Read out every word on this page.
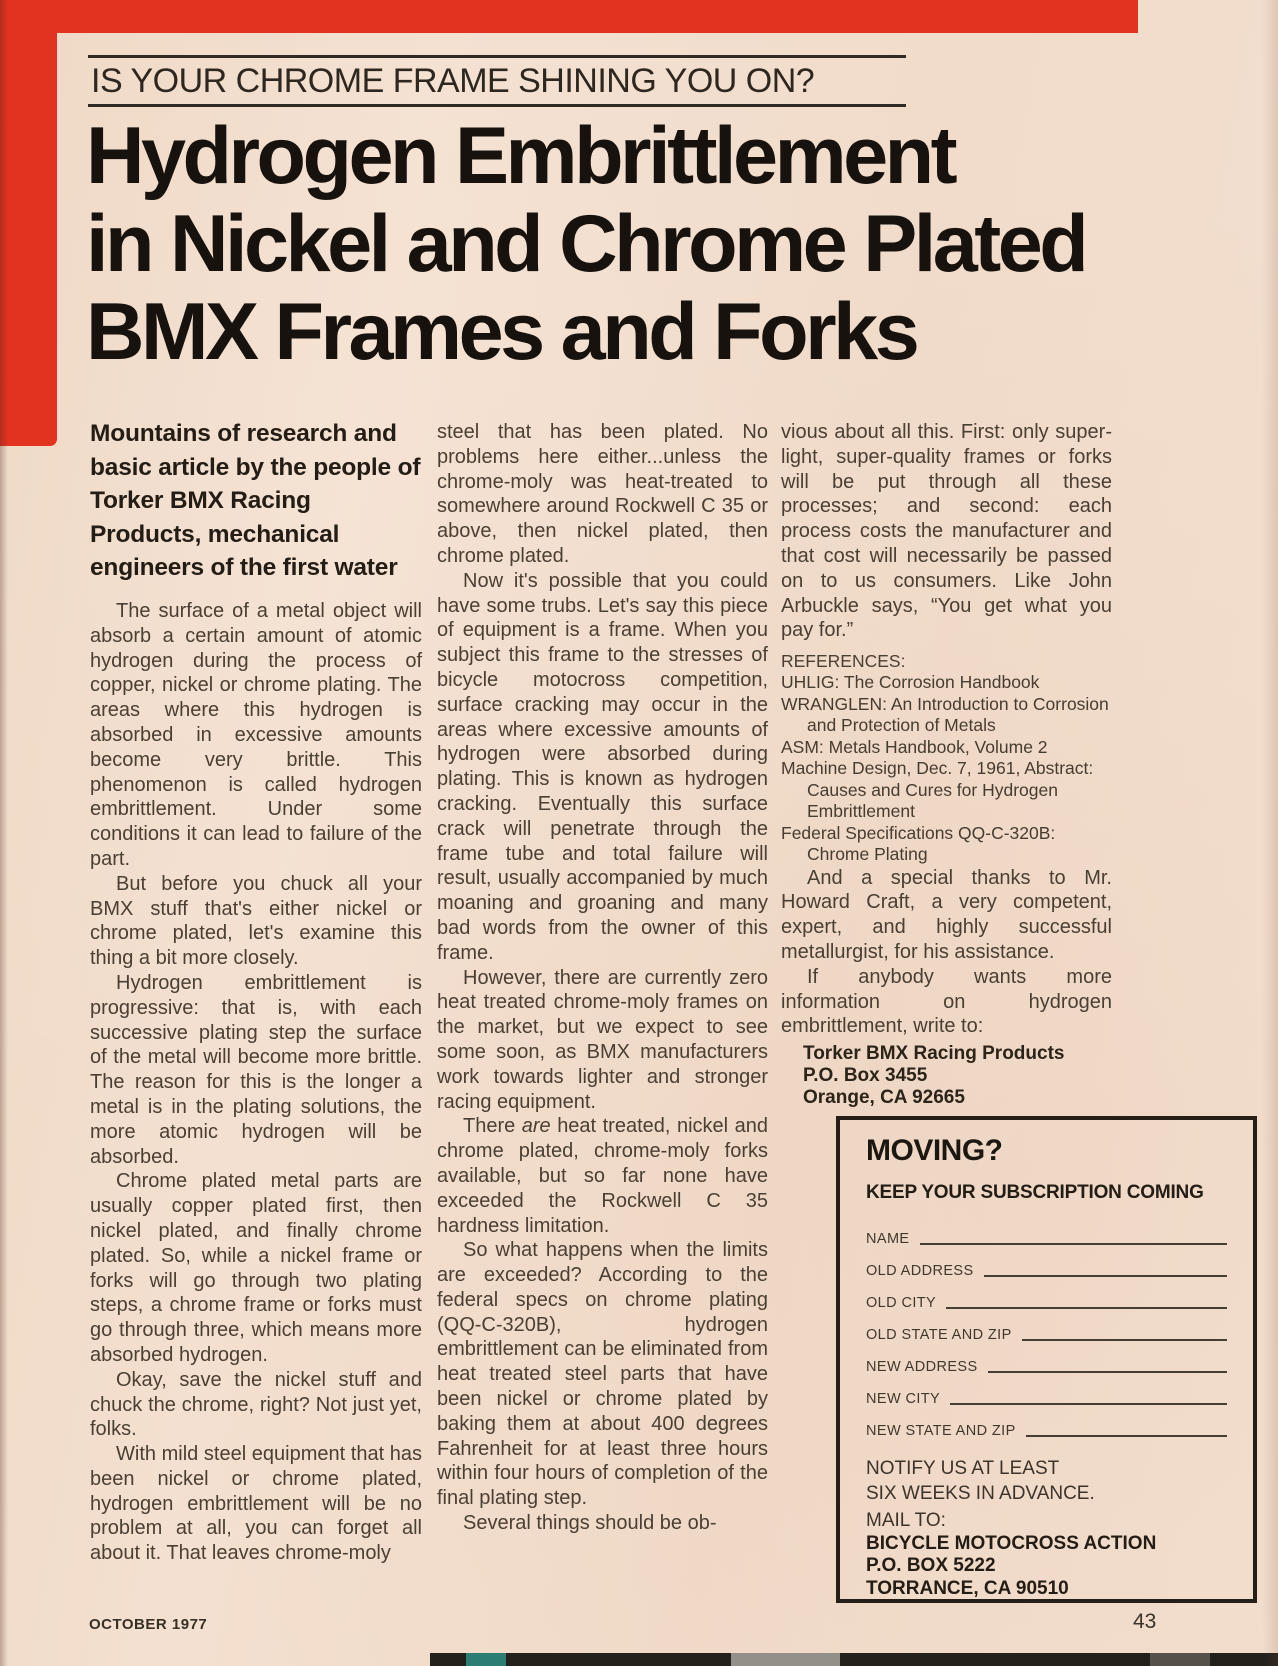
IS YOUR CHROME FRAME SHINING YOU ON?
Hydrogen Embrittlement
in Nickel and Chrome Plated
BMX Frames and Forks
Mountains of research and basic article by the people of Torker BMX Racing Products, mechanical engineers of the first water

The surface of a metal object will absorb a certain amount of atomic hydrogen during the process of copper, nickel or chrome plating. The areas where this hydrogen is absorbed in excessive amounts become very brittle. This phenomenon is called hydrogen embrittlement. Under some conditions it can lead to failure of the part.

But before you chuck all your BMX stuff that's either nickel or chrome plated, let's examine this thing a bit more closely.

Hydrogen embrittlement is progressive: that is, with each successive plating step the surface of the metal will become more brittle. The reason for this is the longer a metal is in the plating solutions, the more atomic hydrogen will be absorbed.

Chrome plated metal parts are usually copper plated first, then nickel plated, and finally chrome plated. So, while a nickel frame or forks will go through two plating steps, a chrome frame or forks must go through three, which means more absorbed hydrogen.

Okay, save the nickel stuff and chuck the chrome, right? Not just yet, folks.

With mild steel equipment that has been nickel or chrome plated, hydrogen embrittlement will be no problem at all, you can forget all about it. That leaves chrome-moly

steel that has been plated. No problems here either...unless the chrome-moly was heat-treated to somewhere around Rockwell C 35 or above, then nickel plated, then chrome plated.

Now it's possible that you could have some trubs. Let's say this piece of equipment is a frame. When you subject this frame to the stresses of bicycle motocross competition, surface cracking may occur in the areas where excessive amounts of hydrogen were absorbed during plating. This is known as hydrogen cracking. Eventually this surface crack will penetrate through the frame tube and total failure will result, usually accompanied by much moaning and groaning and many bad words from the owner of this frame.

However, there are currently zero heat treated chrome-moly frames on the market, but we expect to see some soon, as BMX manufacturers work towards lighter and stronger racing equipment.

There are heat treated, nickel and chrome plated, chrome-moly forks available, but so far none have exceeded the Rockwell C 35 hardness limitation.

So what happens when the limits are exceeded? According to the federal specs on chrome plating (QQ-C-320B), hydrogen embrittlement can be eliminated from heat treated steel parts that have been nickel or chrome plated by baking them at about 400 degrees Fahrenheit for at least three hours within four hours of completion of the final plating step.

Several things should be ob-

vious about all this. First: only super-light, super-quality frames or forks will be put through all these processes; and second: each process costs the manufacturer and that cost will necessarily be passed on to us consumers. Like John Arbuckle says, “You get what you pay for.”

REFERENCES:

UHLIG: The Corrosion Handbook
WRANGLEN: An Introduction to Corrosion and Protection of Metals
ASM: Metals Handbook, Volume 2
Machine Design, Dec. 7, 1961, Abstract: Causes and Cures for Hydrogen Embrittlement
Federal Specifications QQ-C-320B: Chrome Plating

And a special thanks to Mr. Howard Craft, a very competent, expert, and highly successful metallurgist, for his assistance.

If anybody wants more information on hydrogen embrittlement, write to:

Torker BMX Racing Products
P.O. Box 3455
Orange, CA 92665
MOVING?
KEEP YOUR SUBSCRIPTION COMING
NAME
OLD ADDRESS
OLD CITY
OLD STATE AND ZIP
NEW ADDRESS
NEW CITY
NEW STATE AND ZIP
NOTIFY US AT LEAST
SIX WEEKS IN ADVANCE.
MAIL TO:
BICYCLE MOTOCROSS ACTION
P.O. BOX 5222
TORRANCE, CA 90510
OCTOBER 1977	43
